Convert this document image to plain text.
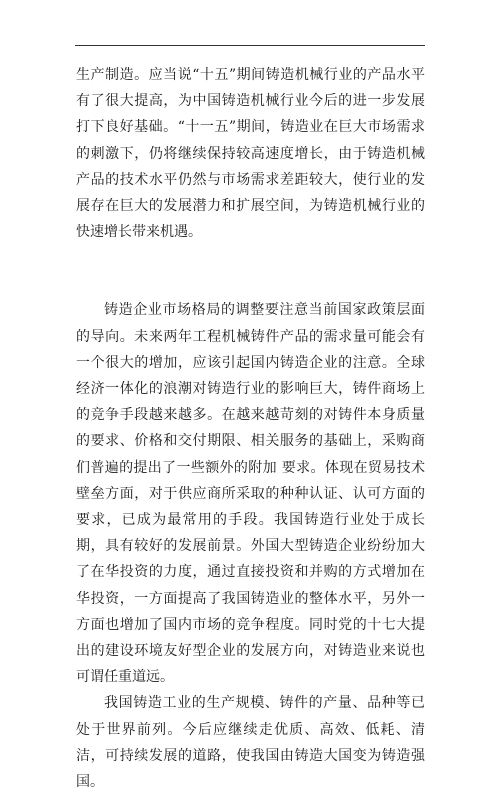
生产制造。应当说“十五”期间铸造机械行业的产品水平有了很大提高，为中国铸造机械行业今后的进一步发展打下良好基础。“十一五”期间，铸造业在巨大市场需求的刺激下，仍将继续保持较高速度增长，由于铸造机械产品的技术水平仍然与市场需求差距较大，使行业的发展存在巨大的发展潜力和扩展空间，为铸造机械行业的快速增长带来机遇。

铸造企业市场格局的调整要注意当前国家政策层面的导向。未来两年工程机械铸件产品的需求量可能会有一个很大的增加，应该引起国内铸造企业的注意。全球经济一体化的浪潮对铸造行业的影响巨大，铸件商场上的竞争手段越来越多。在越来越苛刻的对铸件本身质量的要求、价格和交付期限、相关服务的基础上，采购商们普遍的提出了一些额外的附加 要求。体现在贸易技术壁垒方面，对于供应商所采取的种种认证、认可方面的要求，已成为最常用的手段。我国铸造行业处于成长期，具有较好的发展前景。外国大型铸造企业纷纷加大了在华投资的力度，通过直接投资和并购的方式增加在华投资，一方面提高了我国铸造业的整体水平，另外一方面也增加了国内市场的竞争程度。同时党的十七大提出的建设环境友好型企业的发展方向，对铸造业来说也可谓任重道远。

我国铸造工业的生产规模、铸件的产量、品种等已处于世界前列。今后应继续走优质、高效、低耗、清洁，可持续发展的道路，使我国由铸造大国变为铸造强国。
